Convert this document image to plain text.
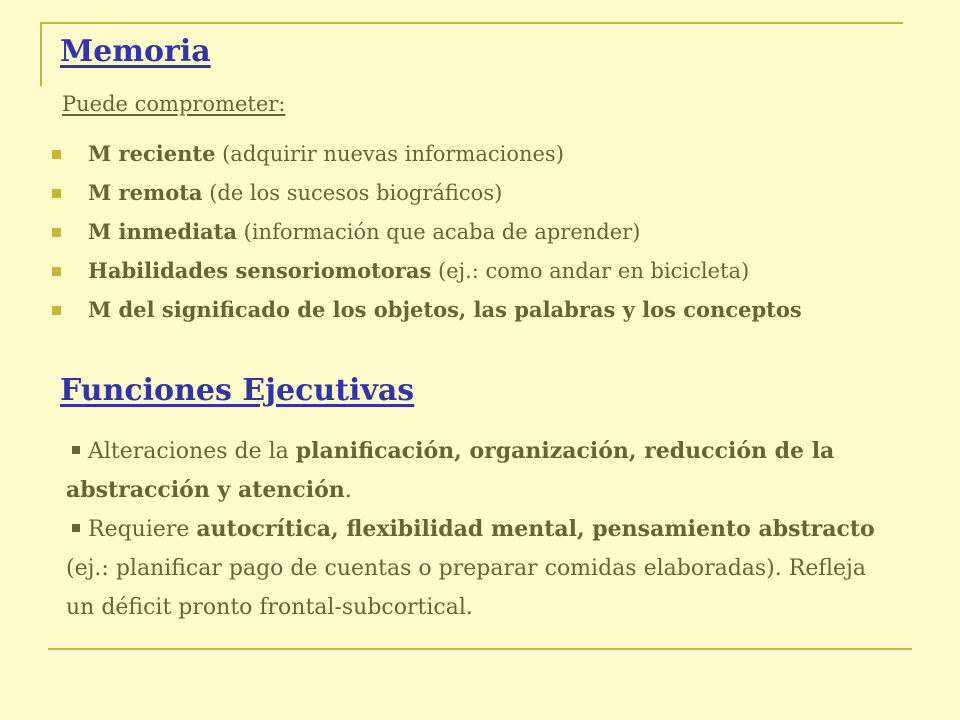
Memoria
Puede comprometer:
M reciente (adquirir nuevas informaciones)
M remota (de los sucesos biográficos)
M inmediata (información que acaba de aprender)
Habilidades sensoriomotoras (ej.: como andar en bicicleta)
M del significado de los objetos, las palabras y los conceptos
Funciones Ejecutivas

Alteraciones de la planificación, organización, reducción de la abstracción y atención.

Requiere autocrítica, flexibilidad mental, pensamiento abstracto (ej.: planificar pago de cuentas o preparar comidas elaboradas). Refleja un déficit pronto frontal-subcortical.
